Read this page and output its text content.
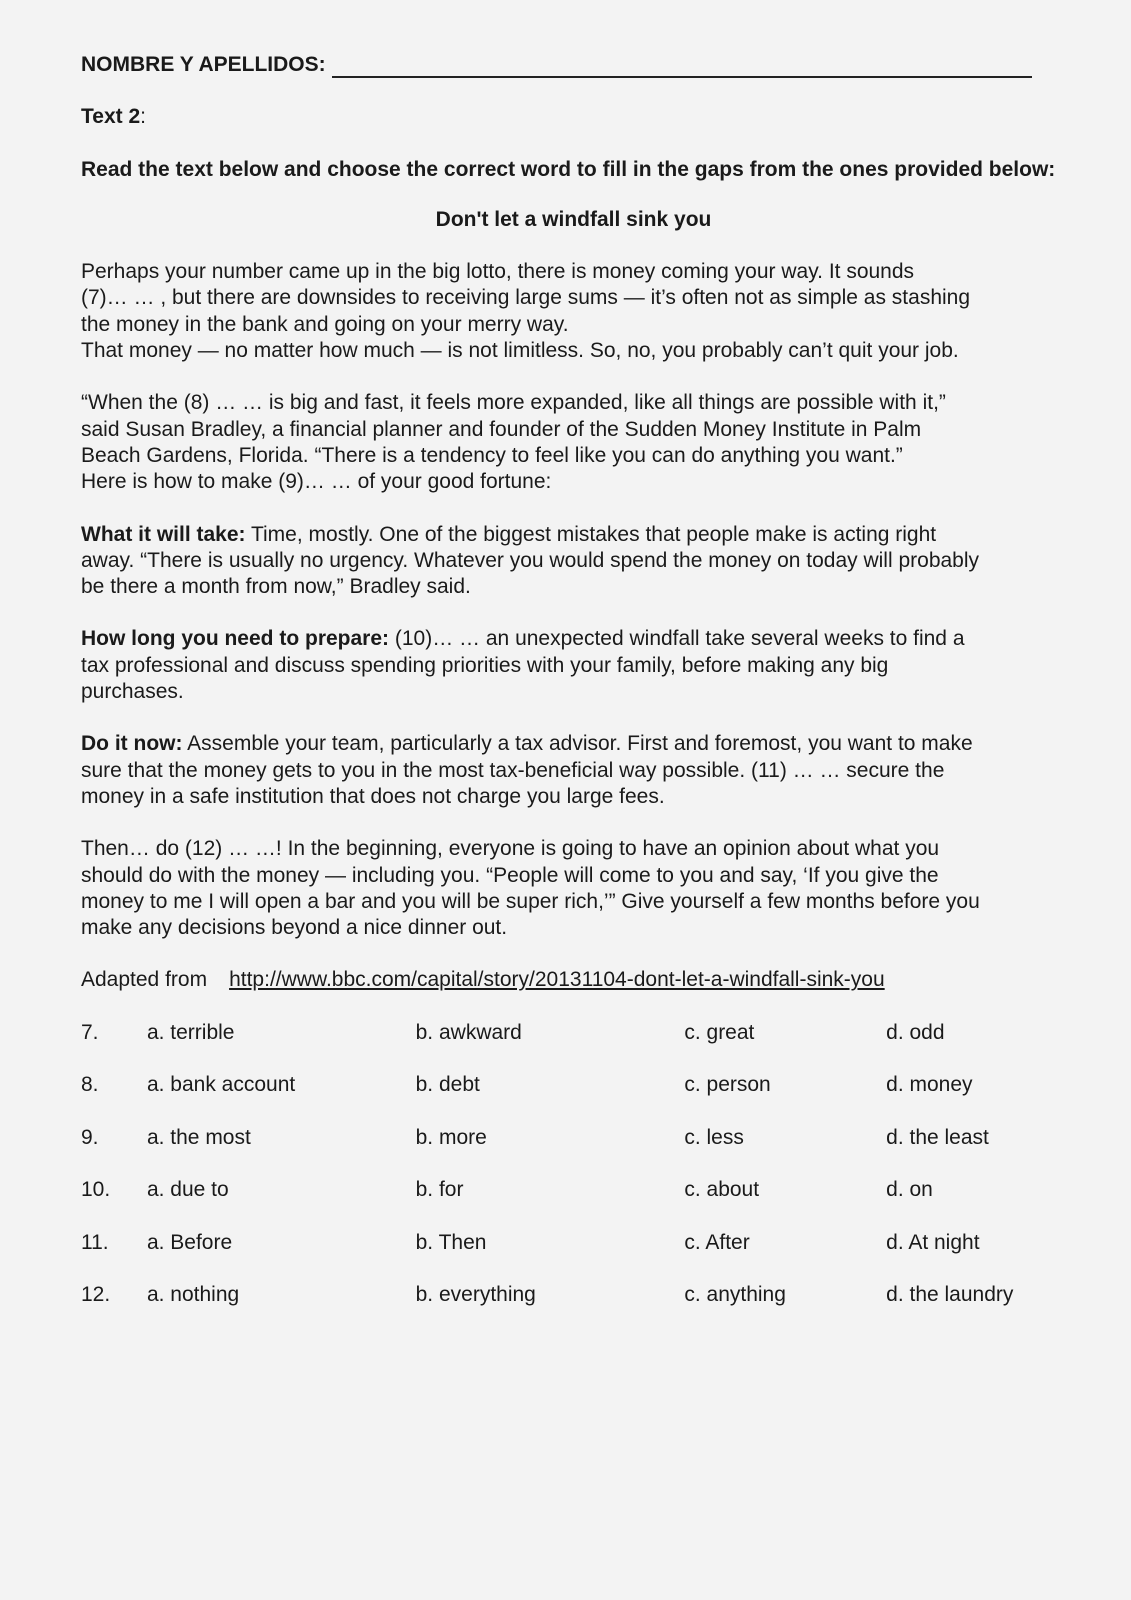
NOMBRE Y APELLIDOS:

Text 2:

Read the text below and choose the correct word to fill in the gaps from the ones provided below:

Don't let a windfall sink you

Perhaps your number came up in the big lotto, there is money coming your way. It sounds

(7)… … , but there are downsides to receiving large sums — it’s often not as simple as stashing

the money in the bank and going on your merry way.

That money — no matter how much — is not limitless. So, no, you probably can’t quit your job.

“When the (8) … … is big and fast, it feels more expanded, like all things are possible with it,”

said Susan Bradley, a financial planner and founder of the Sudden Money Institute in Palm

Beach Gardens, Florida. “There is a tendency to feel like you can do anything you want.”

Here is how to make (9)… … of your good fortune:

What it will take: Time, mostly. One of the biggest mistakes that people make is acting right

away. “There is usually no urgency. Whatever you would spend the money on today will probably

be there a month from now,” Bradley said.

How long you need to prepare: (10)… … an unexpected windfall take several weeks to find a

tax professional and discuss spending priorities with your family, before making any big

purchases.

Do it now: Assemble your team, particularly a tax advisor. First and foremost, you want to make

sure that the money gets to you in the most tax-beneficial way possible. (11) … … secure the

money in a safe institution that does not charge you large fees.

Then… do (12) … …! In the beginning, everyone is going to have an opinion about what you

should do with the money — including you. “People will come to you and say, ‘If you give the

money to me I will open a bar and you will be super rich,’” Give yourself a few months before you

make any decisions beyond a nice dinner out.

Adapted from http://www.bbc.com/capital/story/20131104-dont-let-a-windfall-sink-you

7.	a. terrible	b. awkward	c. great	d. odd
8.	a. bank account	b. debt	c. person	d. money
9.	a. the most	b. more	c. less	d. the least
10.	a. due to	b. for	c. about	d. on
11.	a. Before	b. Then	c. After	d. At night
12.	a. nothing	b. everything	c. anything	d. the laundry
